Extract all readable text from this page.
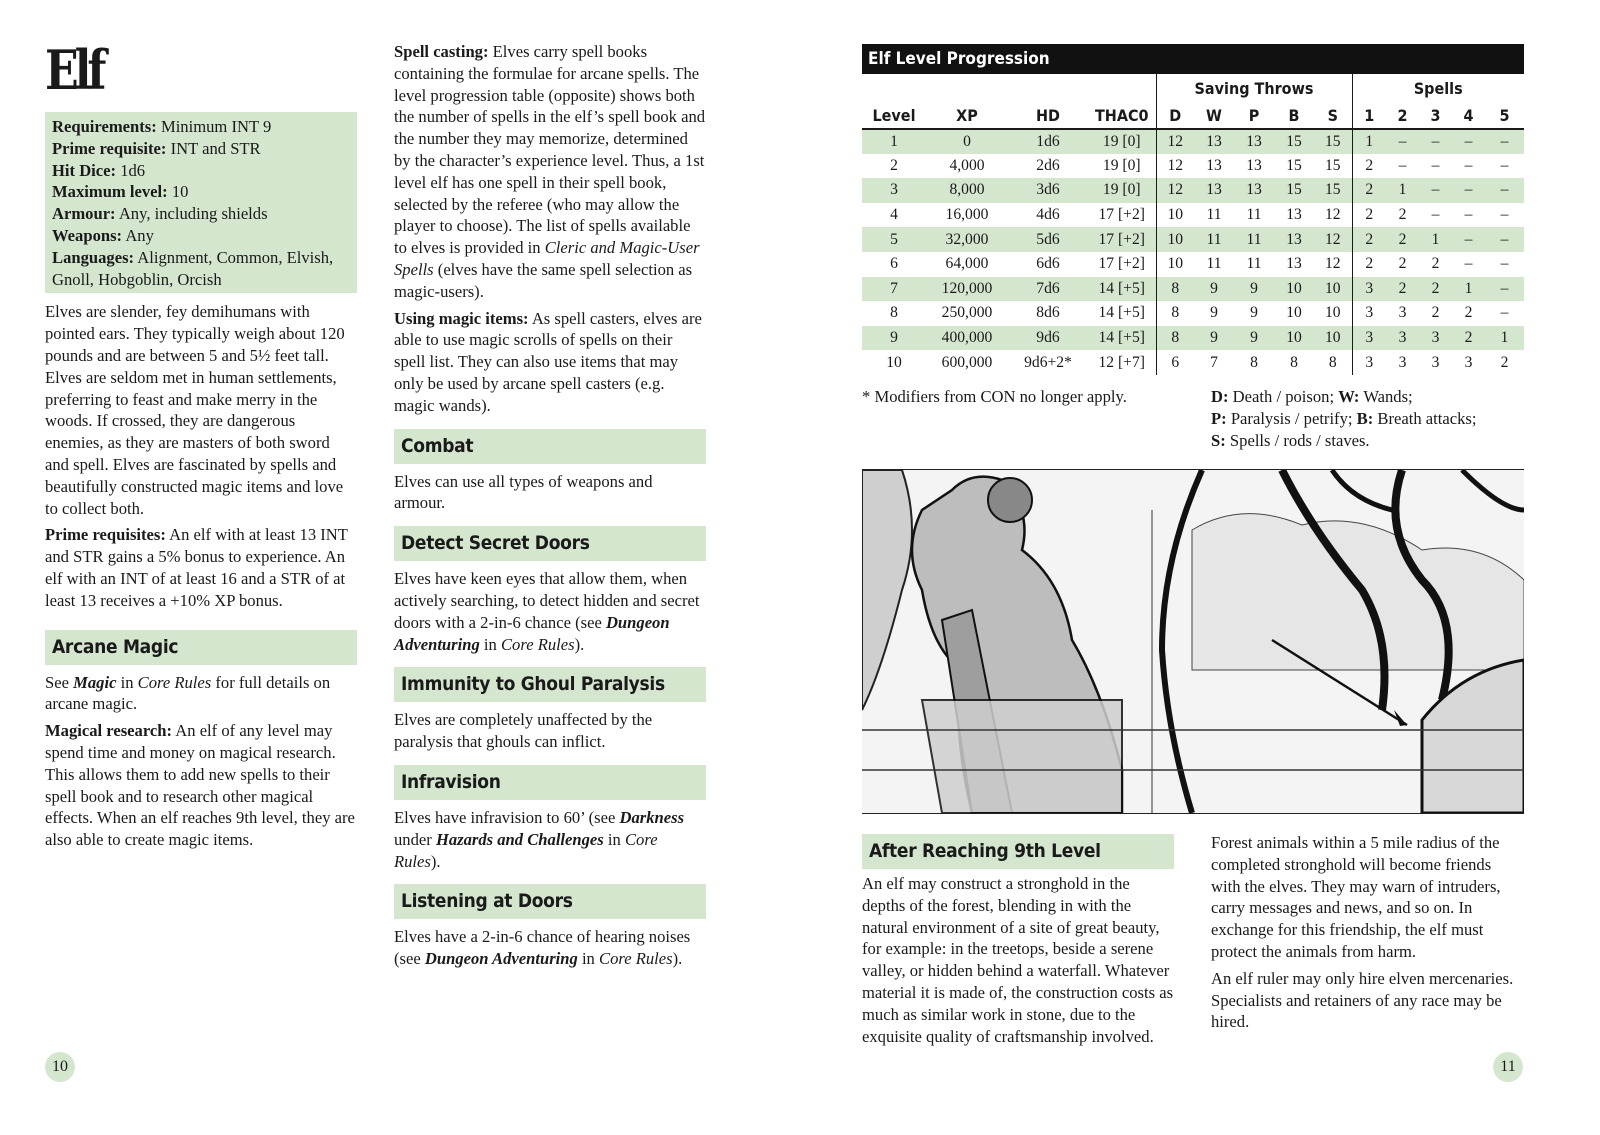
Elf
Requirements: Minimum INT 9
Prime requisite: INT and STR
Hit Dice: 1d6
Maximum level: 10
Armour: Any, including shields
Weapons: Any
Languages: Alignment, Common, Elvish, Gnoll, Hobgoblin, Orcish

Elves are slender, fey demihumans with pointed ears. They typically weigh about 120 pounds and are between 5 and 5½ feet tall. Elves are seldom met in human settlements, preferring to feast and make merry in the woods. If crossed, they are dangerous enemies, as they are masters of both sword and spell. Elves are fascinated by spells and beautifully constructed magic items and love to collect both.

Prime requisites: An elf with at least 13 INT and STR gains a 5% bonus to experience. An elf with an INT of at least 16 and a STR of at least 13 receives a +10% XP bonus.

Arcane Magic

See Magic in Core Rules for full details on arcane magic.

Magical research: An elf of any level may spend time and money on magical research. This allows them to add new spells to their spell book and to research other magical effects. When an elf reaches 9th level, they are also able to create magic items.

Spell casting: Elves carry spell books containing the formulae for arcane spells. The level progression table (opposite) shows both the number of spells in the elf’s spell book and the number they may memorize, determined by the character’s experience level. Thus, a 1st level elf has one spell in their spell book, selected by the referee (who may allow the player to choose). The list of spells available to elves is provided in Cleric and Magic-User Spells (elves have the same spell selection as magic-users).

Using magic items: As spell casters, elves are able to use magic scrolls of spells on their spell list. They can also use items that may only be used by arcane spell casters (e.g. magic wands).

Combat

Elves can use all types of weapons and armour.

Detect Secret Doors

Elves have keen eyes that allow them, when actively searching, to detect hidden and secret doors with a 2-in-6 chance (see Dungeon Adventuring in Core Rules).

Immunity to Ghoul Paralysis

Elves are completely unaffected by the paralysis that ghouls can inflict.

Infravision

Elves have infravision to 60’ (see Darkness under Hazards and Challenges in Core Rules).

Listening at Doors

Elves have a 2-in-6 chance of hearing noises (see Dungeon Adventuring in Core Rules).

10
Elf Level Progression
				Saving Throws					Spells				
Level	XP	HD	THAC0	D	W	P	B	S	1	2	3	4	5
1	0	1d6	19 [0]	12	13	13	15	15	1	–	–	–	–
2	4,000	2d6	19 [0]	12	13	13	15	15	2	–	–	–	–
3	8,000	3d6	19 [0]	12	13	13	15	15	2	1	–	–	–
4	16,000	4d6	17 [+2]	10	11	11	13	12	2	2	–	–	–
5	32,000	5d6	17 [+2]	10	11	11	13	12	2	2	1	–	–
6	64,000	6d6	17 [+2]	10	11	11	13	12	2	2	2	–	–
7	120,000	7d6	14 [+5]	8	9	9	10	10	3	2	2	1	–
8	250,000	8d6	14 [+5]	8	9	9	10	10	3	3	2	2	–
9	400,000	9d6	14 [+5]	8	9	9	10	10	3	3	3	2	1
10	600,000	9d6+2*	12 [+7]	6	7	8	8	8	3	3	3	3	2
* Modifiers from CON no longer apply.	D: Death / poison; W: Wands;
P: Paralysis / petrify; B: Breath attacks;
S: Spells / rods / staves.
After Reaching 9th Level

An elf may construct a stronghold in the depths of the forest, blending in with the natural environment of a site of great beauty, for example: in the treetops, beside a serene valley, or hidden behind a waterfall. Whatever material it is made of, the construction costs as much as similar work in stone, due to the exquisite quality of craftsmanship involved.

Forest animals within a 5 mile radius of the completed stronghold will become friends with the elves. They may warn of intruders, carry messages and news, and so on. In exchange for this friendship, the elf must protect the animals from harm.

An elf ruler may only hire elven mercenaries. Specialists and retainers of any race may be hired.

11
